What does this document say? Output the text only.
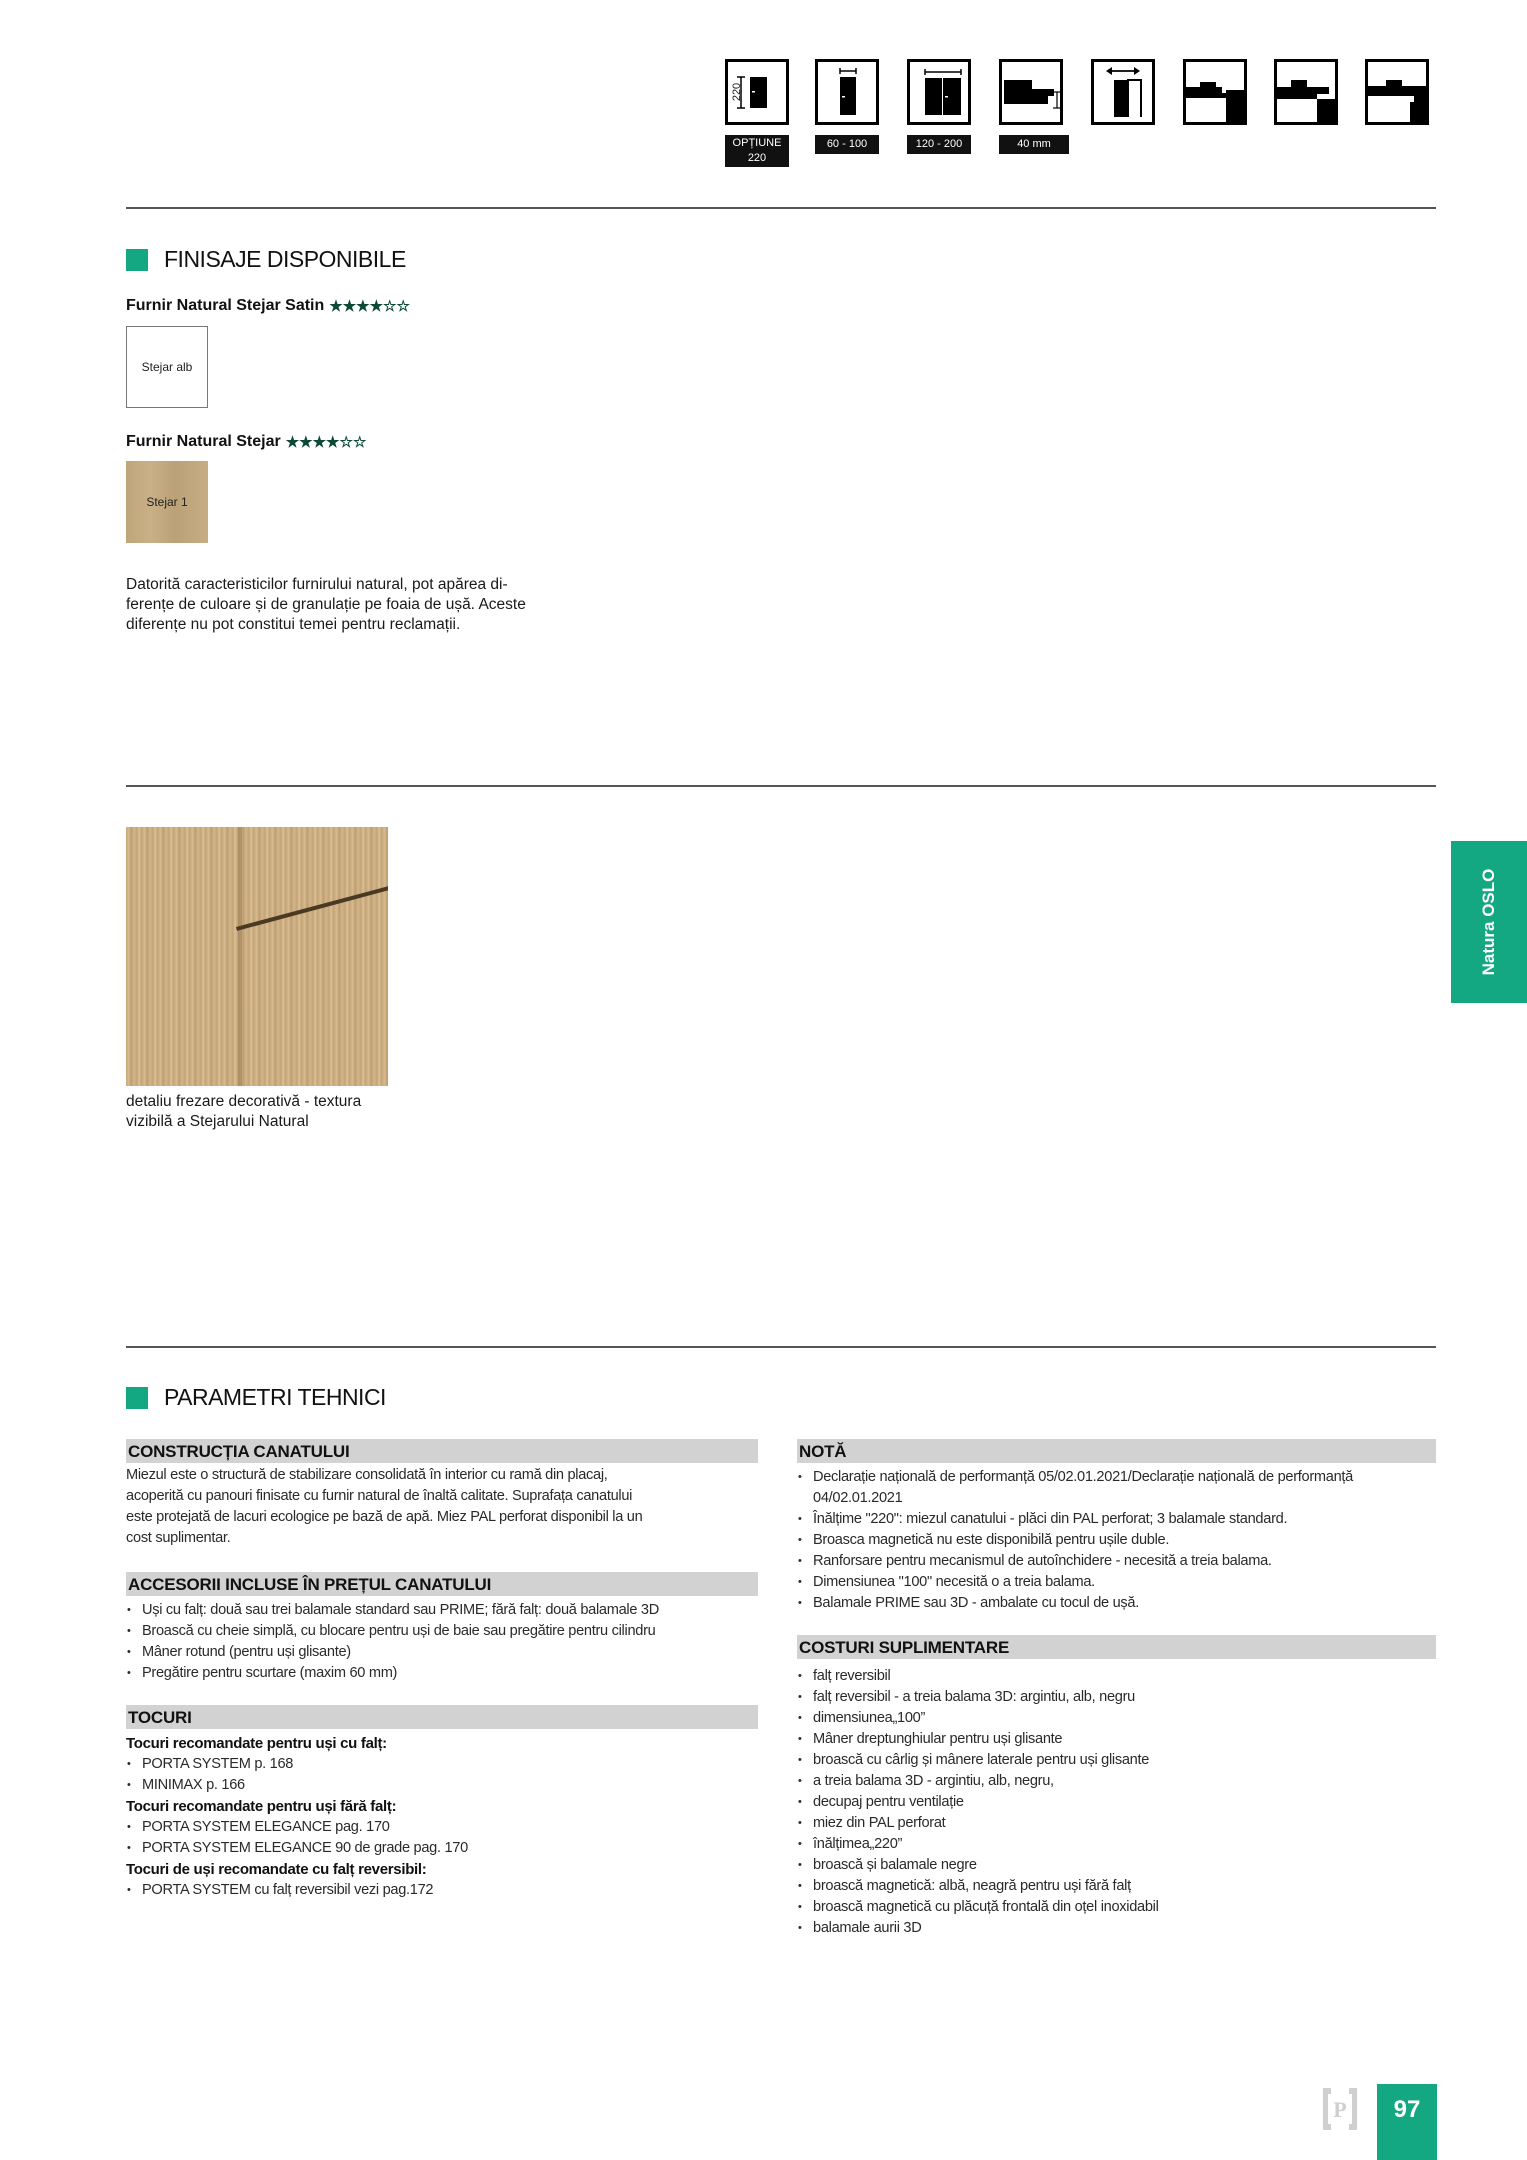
220
OPȚIUNE 220
60 - 100	120 - 200	40 mm
FINISAJE DISPONIBILE
Furnir Natural Stejar Satin ★★★★☆☆
Stejar alb
Furnir Natural Stejar ★★★★☆☆
Stejar 1
Datorită caracteristicilor furnirului natural, pot apărea di-
ferențe de culoare și de granulație pe foaia de ușă. Aceste
diferențe nu pot constitui temei pentru reclamații.
detaliu frezare decorativă - textura
vizibilă a Stejarului Natural
Natura OSLO
PARAMETRI TEHNICI
CONSTRUCȚIA CANATULUI
Miezul este o structură de stabilizare consolidată în interior cu ramă din placaj,
acoperită cu panouri finisate cu furnir natural de înaltă calitate. Suprafața canatului
este protejată de lacuri ecologice pe bază de apă. Miez PAL perforat disponibil la un
cost suplimentar.
ACCESORII INCLUSE ÎN PREȚUL CANATULUI
• Uși cu falț: două sau trei balamale standard sau PRIME; fără falț: două balamale 3D
• Broască cu cheie simplă, cu blocare pentru uși de baie sau pregătire pentru cilindru
• Mâner rotund (pentru uși glisante)
• Pregătire pentru scurtare (maxim 60 mm)
TOCURI
Tocuri recomandate pentru uși cu falț:
• PORTA SYSTEM p. 168
• MINIMAX p. 166
Tocuri recomandate pentru uși fără falț:
• PORTA SYSTEM ELEGANCE pag. 170
• PORTA SYSTEM ELEGANCE 90 de grade pag. 170
Tocuri de uși recomandate cu falț reversibil:
• PORTA SYSTEM cu falț reversibil vezi pag.172
NOTĂ
• Declarație națională de performanță 05/02.01.2021/Declarație națională de performanță 04/02.01.2021
• Înălțime "220": miezul canatului - plăci din PAL perforat; 3 balamale standard.
• Broasca magnetică nu este disponibilă pentru ușile duble.
• Ranforsare pentru mecanismul de autoînchidere - necesită a treia balama.
• Dimensiunea "100" necesită o a treia balama.
• Balamale PRIME sau 3D - ambalate cu tocul de ușă.
COSTURI SUPLIMENTARE
• falț reversibil
• falț reversibil - a treia balama 3D: argintiu, alb, negru
• dimensiunea„100”
• Mâner dreptunghiular pentru uși glisante
• broască cu cârlig și mânere laterale pentru uși glisante
• a treia balama 3D - argintiu, alb, negru,
• decupaj pentru ventilație
• miez din PAL perforat
• înălțimea„220”
• broască și balamale negre
• broască magnetică: albă, neagră pentru uși fără falț
• broască magnetică cu plăcuță frontală din oțel inoxidabil
• balamale aurii 3D
P	97
